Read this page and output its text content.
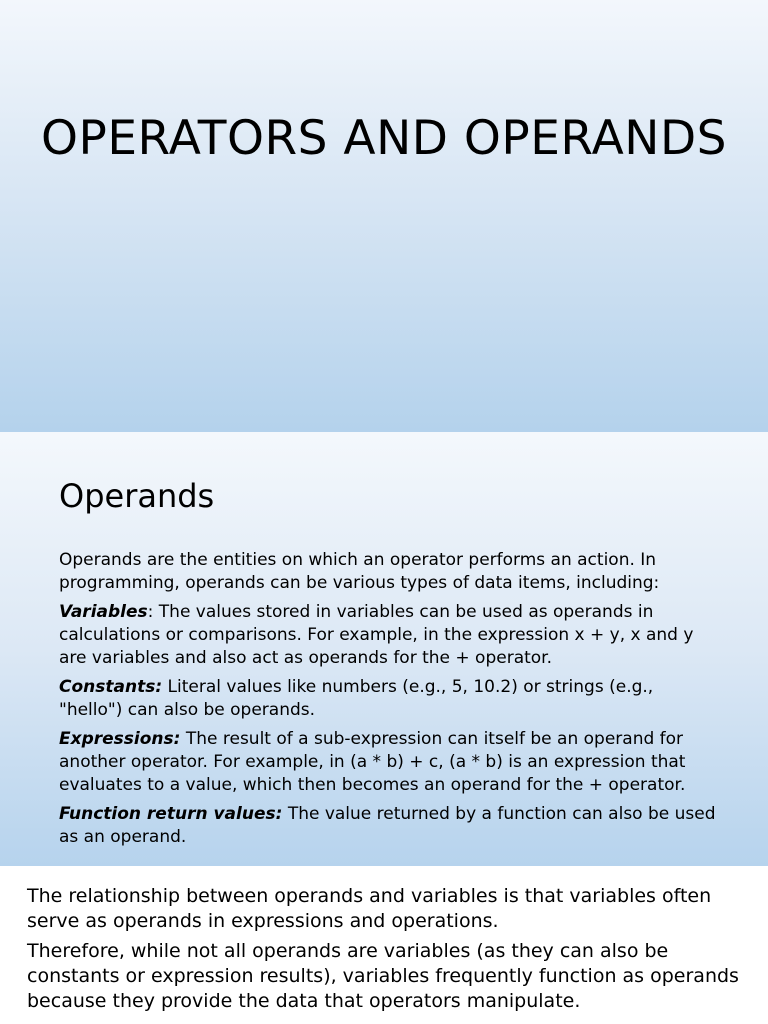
OPERATORS AND OPERANDS
Operands

Operands are the entities on which an operator performs an action. In programming, operands can be various types of data items, including:

Variables: The values stored in variables can be used as operands in calculations or comparisons. For example, in the expression x + y, x and y are variables and also act as operands for the + operator.

Constants: Literal values like numbers (e.g., 5, 10.2) or strings (e.g., "hello") can also be operands.

Expressions: The result of a sub-expression can itself be an operand for another operator. For example, in (a * b) + c, (a * b) is an expression that evaluates to a value, which then becomes an operand for the + operator.

Function return values: The value returned by a function can also be used as an operand.

The relationship between operands and variables is that variables often serve as operands in expressions and operations.

Therefore, while not all operands are variables (as they can also be constants or expression results), variables frequently function as operands because they provide the data that operators manipulate.
